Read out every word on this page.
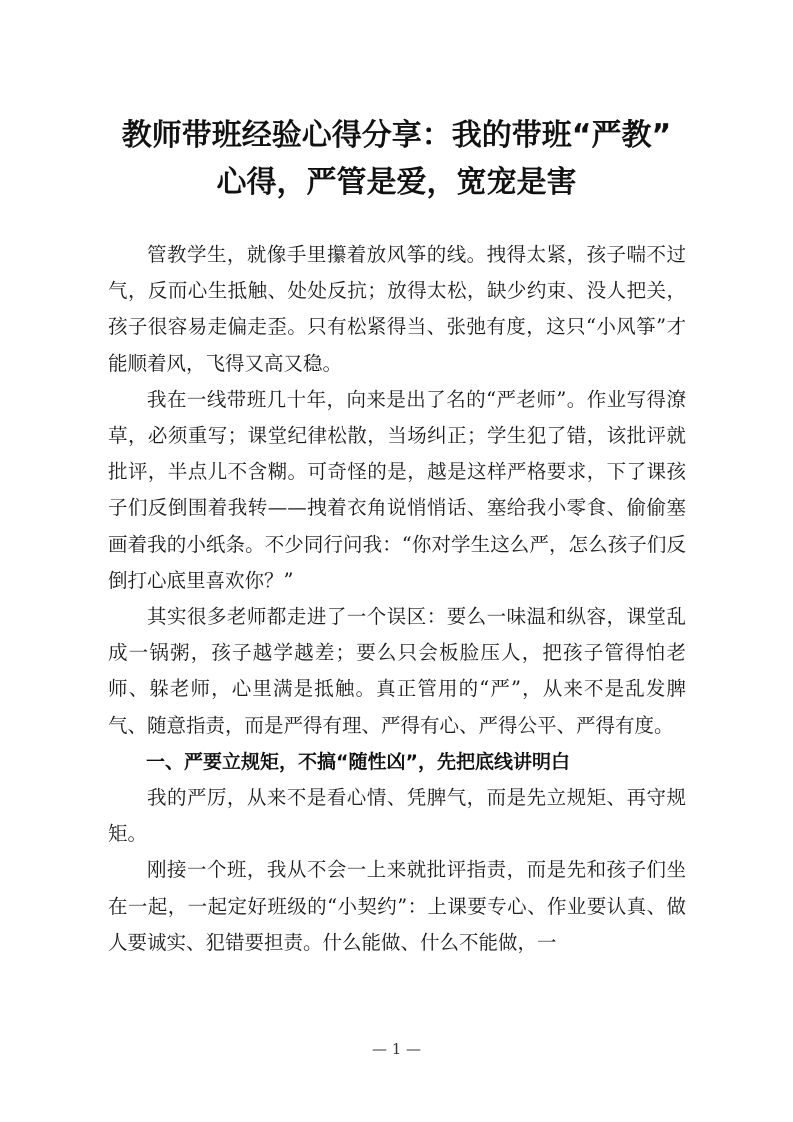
教师带班经验心得分享：我的带班“严教”
心得，严管是爱，宽宠是害

管教学生，就像手里攥着放风筝的线。拽得太紧，孩子喘不过气，反而心生抵触、处处反抗；放得太松，缺少约束、没人把关，孩子很容易走偏走歪。只有松紧得当、张弛有度，这只“小风筝”才能顺着风，飞得又高又稳。

我在一线带班几十年，向来是出了名的“严老师”。作业写得潦草，必须重写；课堂纪律松散，当场纠正；学生犯了错，该批评就批评，半点儿不含糊。可奇怪的是，越是这样严格要求，下了课孩子们反倒围着我转——拽着衣角说悄悄话、塞给我小零食、偷偷塞画着我的小纸条。不少同行问我：“你对学生这么严，怎么孩子们反倒打心底里喜欢你？”

其实很多老师都走进了一个误区：要么一味温和纵容，课堂乱成一锅粥，孩子越学越差；要么只会板脸压人，把孩子管得怕老师、躲老师，心里满是抵触。真正管用的“严”，从来不是乱发脾气、随意指责，而是严得有理、严得有心、严得公平、严得有度。

一、严要立规矩，不搞“随性凶”，先把底线讲明白

我的严厉，从来不是看心情、凭脾气，而是先立规矩、再守规矩。

刚接一个班，我从不会一上来就批评指责，而是先和孩子们坐在一起，一起定好班级的“小契约”：上课要专心、作业要认真、做人要诚实、犯错要担责。什么能做、什么不能做，一

— 1 —
